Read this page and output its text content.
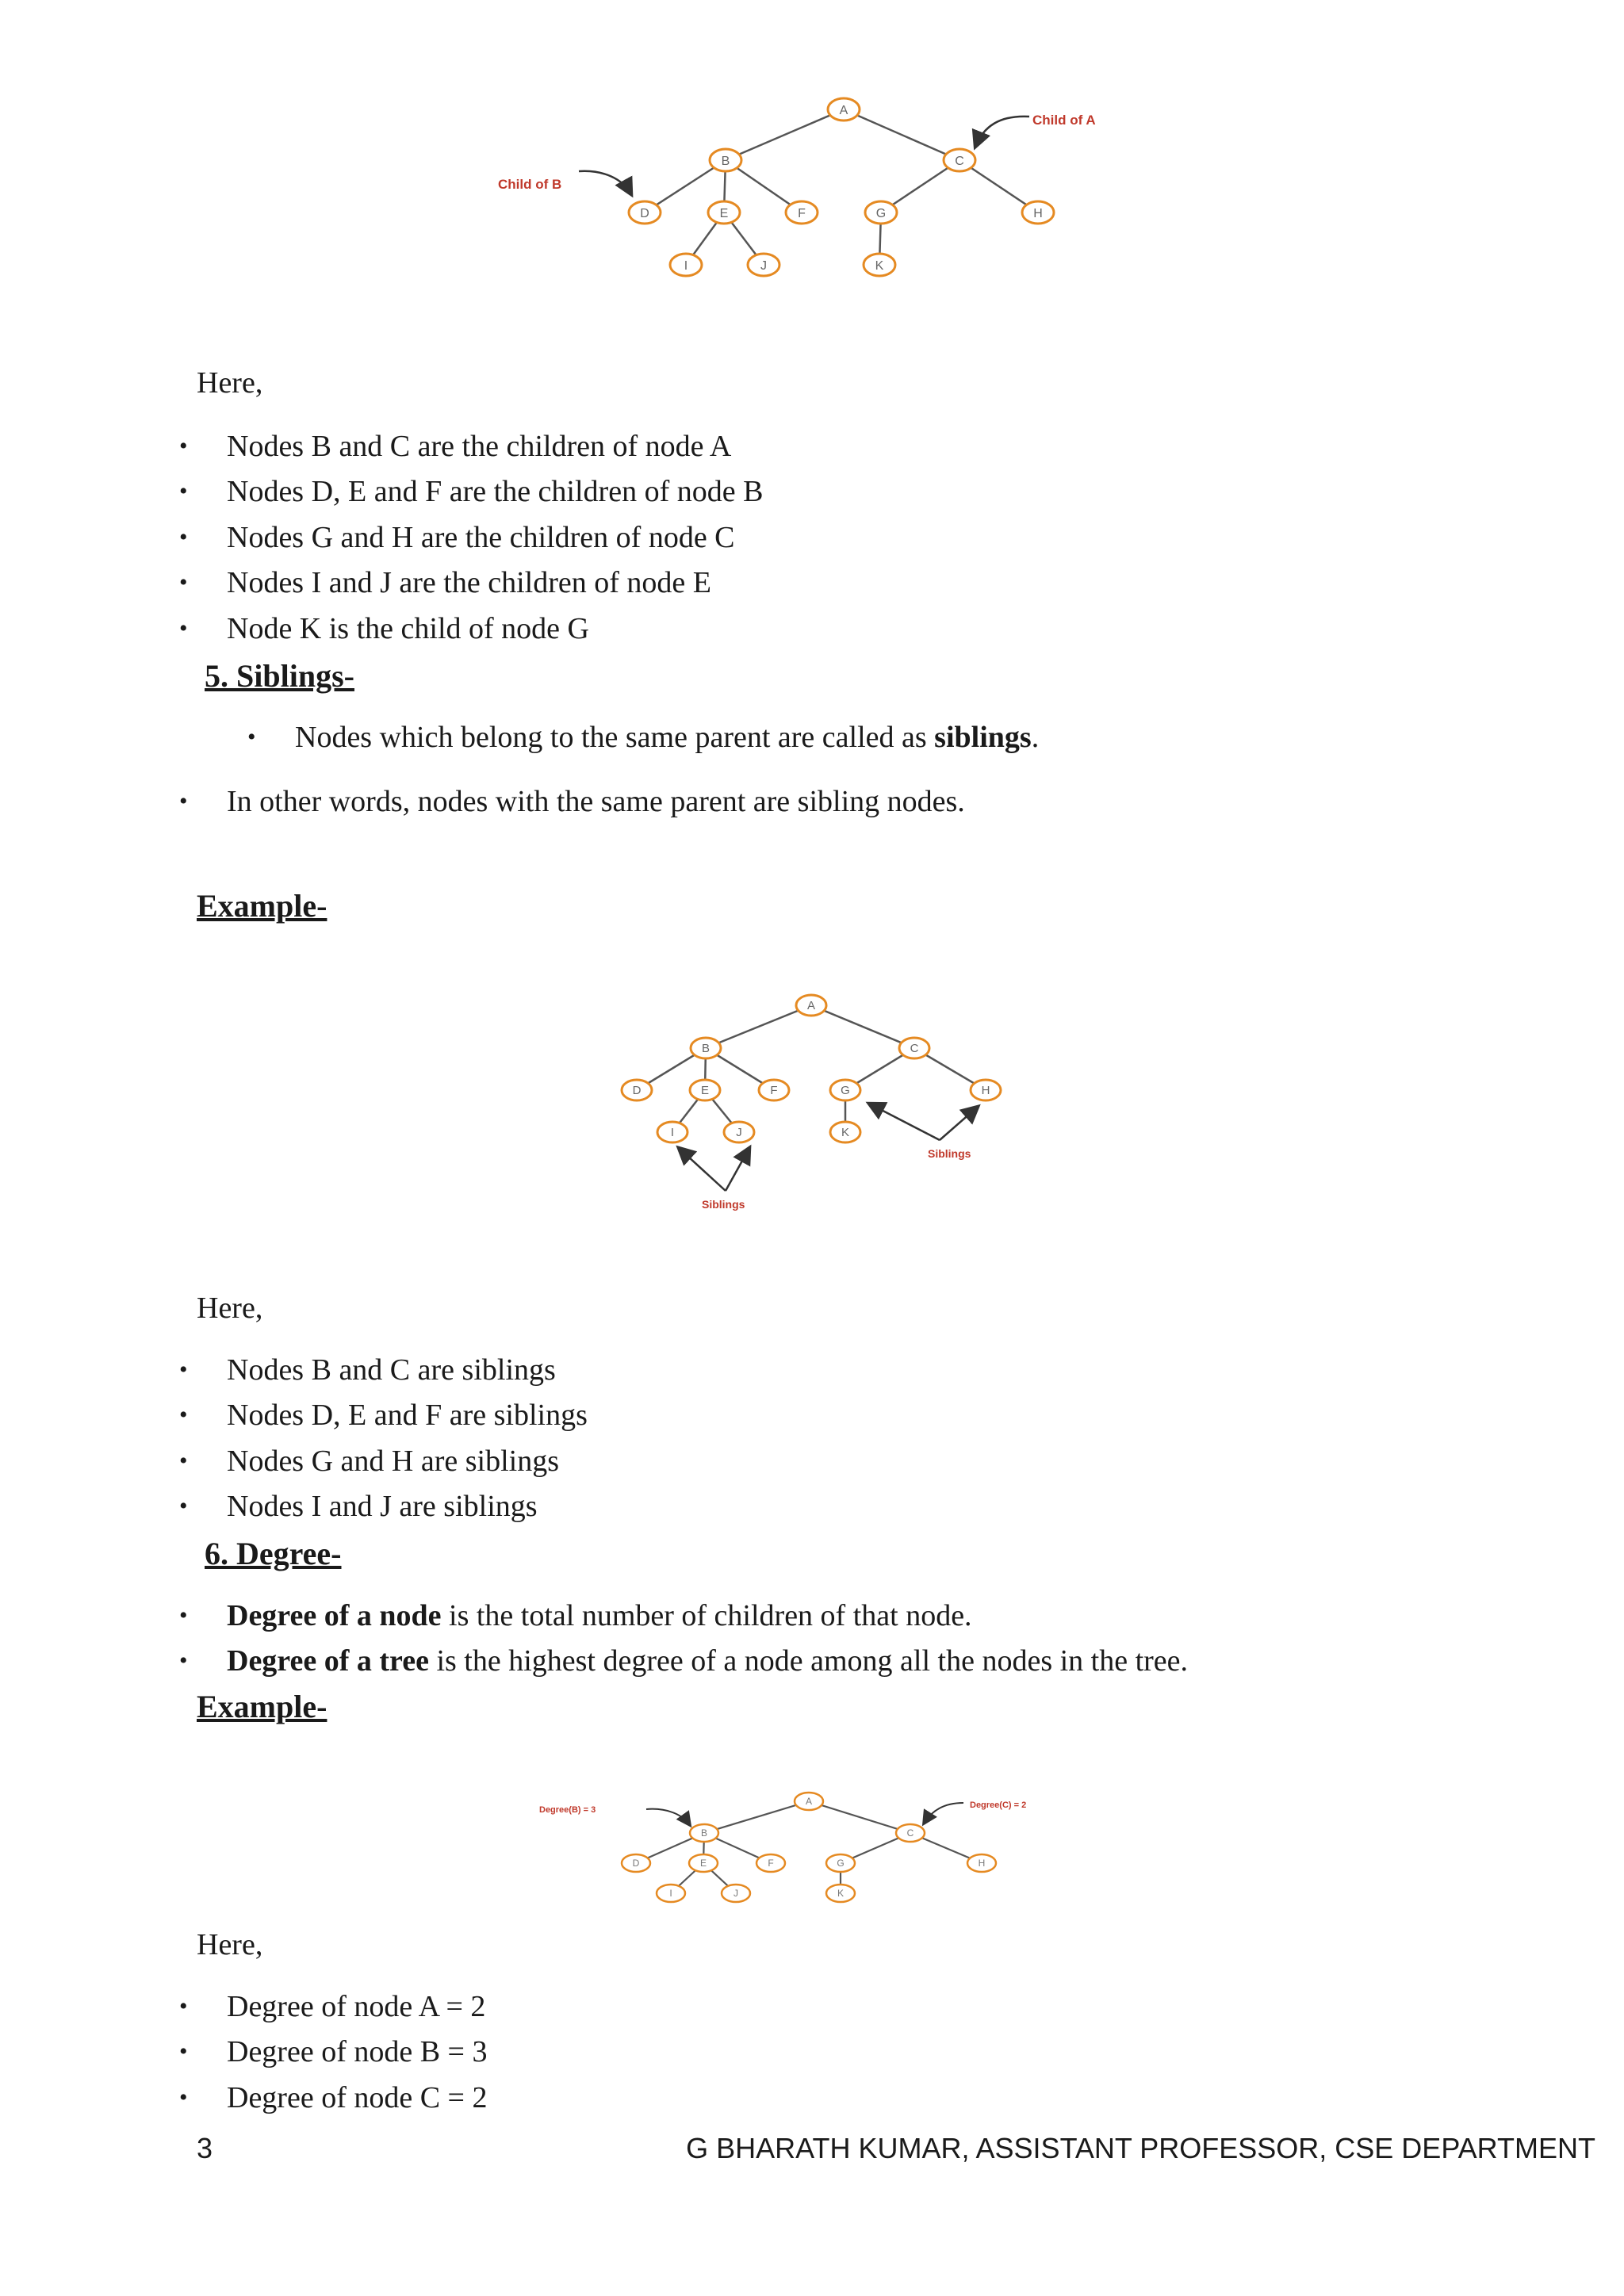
A
B	C
D	E	F	G	H
I	J	K
Child of A
Child of B
Here,
• Nodes B and C are the children of node A
• Nodes D, E and F are the children of node B
• Nodes G and H are the children of node C
• Nodes I and J are the children of node E
• Node K is the child of node G
5. Siblings-
• Nodes which belong to the same parent are called as siblings.
• In other words, nodes with the same parent are sibling nodes.
Example-
A
B	C
D	E	F	G	H
I	J	K
Siblings
Siblings
Here,
• Nodes B and C are siblings
• Nodes D, E and F are siblings
• Nodes G and H are siblings
• Nodes I and J are siblings
6. Degree-
• Degree of a node is the total number of children of that node.
• Degree of a tree is the highest degree of a node among all the nodes in the tree.
Example-
A
B	C
D	E	F	G	H
I	J	K
Degree(B) = 3	Degree(C) = 2
Here,
• Degree of node A = 2
• Degree of node B = 3
• Degree of node C = 2
3	G BHARATH KUMAR, ASSISTANT PROFESSOR, CSE DEPARTMENT
